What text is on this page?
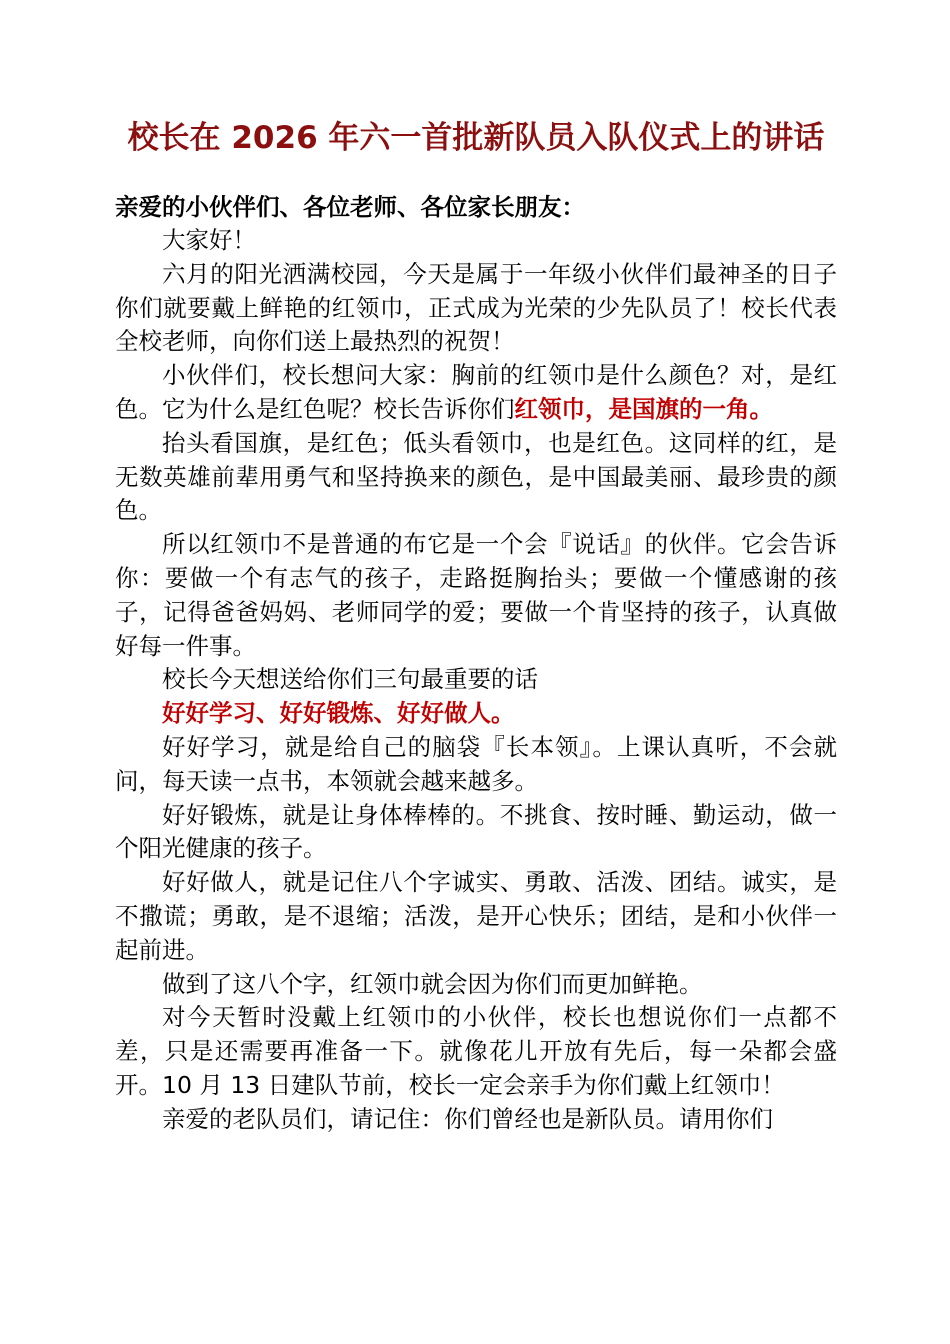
校长在 2026 年六一首批新队员入队仪式上的讲话

亲爱的小伙伴们、各位老师、各位家长朋友：

大家好！

六月的阳光洒满校园，今天是属于一年级小伙伴们最神圣的日子你们就要戴上鲜艳的红领巾，正式成为光荣的少先队员了！校长代表全校老师，向你们送上最热烈的祝贺！

小伙伴们，校长想问大家：胸前的红领巾是什么颜色？对，是红色。它为什么是红色呢？校长告诉你们红领巾，是国旗的一角。

抬头看国旗，是红色；低头看领巾，也是红色。这同样的红，是无数英雄前辈用勇气和坚持换来的颜色，是中国最美丽、最珍贵的颜色。

所以红领巾不是普通的布它是一个会『说话』的伙伴。它会告诉你：要做一个有志气的孩子，走路挺胸抬头；要做一个懂感谢的孩子，记得爸爸妈妈、老师同学的爱；要做一个肯坚持的孩子，认真做好每一件事。

校长今天想送给你们三句最重要的话

好好学习、好好锻炼、好好做人。

好好学习，就是给自己的脑袋『长本领』。上课认真听，不会就问，每天读一点书，本领就会越来越多。

好好锻炼，就是让身体棒棒的。不挑食、按时睡、勤运动，做一个阳光健康的孩子。

好好做人，就是记住八个字诚实、勇敢、活泼、团结。诚实，是不撒谎；勇敢，是不退缩；活泼，是开心快乐；团结，是和小伙伴一起前进。

做到了这八个字，红领巾就会因为你们而更加鲜艳。

对今天暂时没戴上红领巾的小伙伴，校长也想说你们一点都不差，只是还需要再准备一下。就像花儿开放有先后，每一朵都会盛开。10 月 13 日建队节前，校长一定会亲手为你们戴上红领巾！

亲爱的老队员们，请记住：你们曾经也是新队员。请用你们
